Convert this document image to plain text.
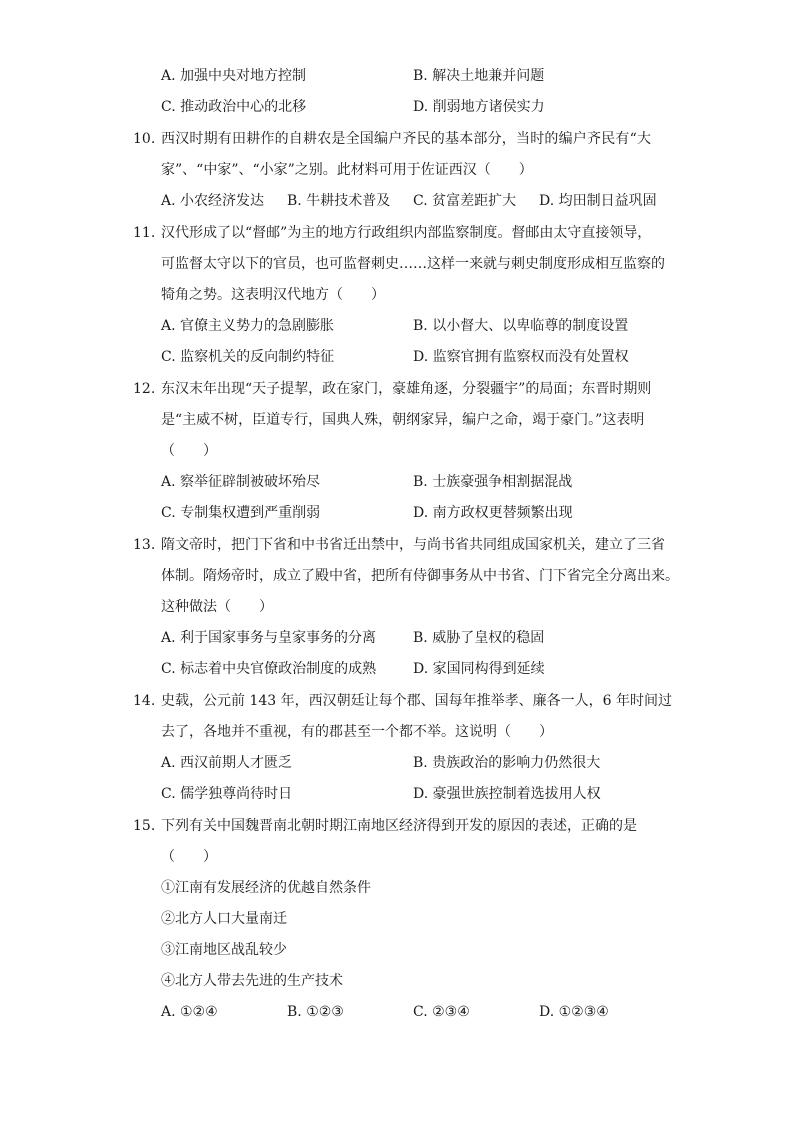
A. 加强中央对地方控制	B. 解决土地兼并问题
C. 推动政治中心的北移	D. 削弱地方诸侯实力
10. 西汉时期有田耕作的自耕农是全国编户齐民的基本部分，当时的编户齐民有“大
家”、“中家”、“小家”之别。此材料可用于佐证西汉（　　）
A. 小农经济发达 B. 牛耕技术普及 C. 贫富差距扩大 D. 均田制日益巩固
11. 汉代形成了以“督邮”为主的地方行政组织内部监察制度。督邮由太守直接领导，
可监督太守以下的官员，也可监督刺史……这样一来就与刺史制度形成相互监察的
犄角之势。这表明汉代地方（　　）
A. 官僚主义势力的急剧膨胀	B. 以小督大、以卑临尊的制度设置
C. 监察机关的反向制约特征	D. 监察官拥有监察权而没有处置权
12. 东汉末年出现“天子提挈，政在家门，豪雄角逐，分裂疆宇”的局面；东晋时期则
是“主威不树，臣道专行，国典人殊，朝纲家异，编户之命，竭于豪门。”这表明
（　　）
A. 察举征辟制被破坏殆尽	B. 士族豪强争相割据混战
C. 专制集权遭到严重削弱	D. 南方政权更替频繁出现
13. 隋文帝时，把门下省和中书省迁出禁中，与尚书省共同组成国家机关，建立了三省
体制。隋炀帝时，成立了殿中省，把所有侍御事务从中书省、门下省完全分离出来。
这种做法（　　）
A. 利于国家事务与皇家事务的分离	B. 威胁了皇权的稳固
C. 标志着中央官僚政治制度的成熟	D. 家国同构得到延续
14. 史载，公元前 143 年，西汉朝廷让每个郡、国每年推举孝、廉各一人，6 年时间过
去了，各地并不重视，有的郡甚至一个都不举。这说明（　　）
A. 西汉前期人才匮乏	B. 贵族政治的影响力仍然很大
C. 儒学独尊尚待时日	D. 豪强世族控制着选拔用人权
15. 下列有关中国魏晋南北朝时期江南地区经济得到开发的原因的表述，正确的是
（　　）
①江南有发展经济的优越自然条件
②北方人口大量南迁
③江南地区战乱较少
④北方人带去先进的生产技术
A. ①②④	B. ①②③	C. ②③④	D. ①②③④
